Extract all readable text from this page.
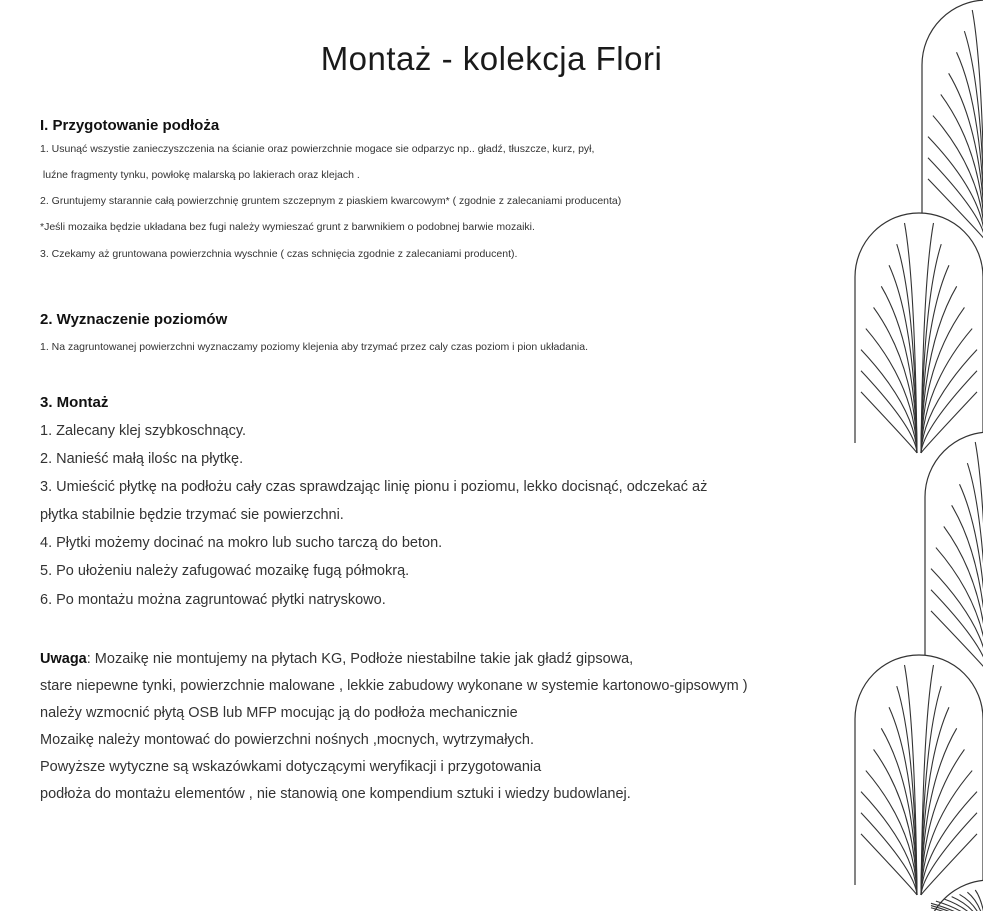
Montaż - kolekcja Flori
I. Przygotowanie podłoża
1. Usunąć wszystie zanieczyszczenia na ścianie oraz powierzchnie mogace sie odparzyc np.. gładź, tłuszcze, kurz, pył,
luźne fragmenty tynku, powłokę malarską po lakierach oraz klejach .
2. Gruntujemy starannie całą powierzchnię gruntem szczepnym z piaskiem kwarcowym* ( zgodnie z zalecaniami producenta)
*Jeśli mozaika będzie układana bez fugi należy wymieszać grunt z barwnikiem o podobnej barwie mozaiki.
3. Czekamy aż gruntowana powierzchnia wyschnie ( czas schnięcia zgodnie z zalecaniami producent).
2. Wyznaczenie poziomów
1. Na zagruntowanej powierzchni wyznaczamy poziomy klejenia aby trzymać przez caly czas poziom i pion układania.
3. Montaż
1. Zalecany klej szybkoschnący.
2. Nanieść małą ilośc na płytkę.
3. Umieścić płytkę na podłożu cały czas sprawdzając linię pionu i poziomu, lekko docisnąć, odczekać aż
płytka stabilnie będzie trzymać sie powierzchni.
4. Płytki możemy docinać na mokro lub sucho tarczą do beton.
5. Po ułożeniu należy zafugować mozaikę fugą półmokrą.
6. Po montażu można zagruntować płytki natryskowo.
Uwaga: Mozaikę nie montujemy na płytach KG, Podłoże niestabilne takie jak gładź gipsowa,
stare niepewne tynki, powierzchnie malowane , lekkie zabudowy wykonane w systemie kartonowo-gipsowym )
należy wzmocnić płytą OSB lub MFP mocując ją do podłoża mechanicznie
Mozaikę należy montować do powierzchni nośnych ,mocnych, wytrzymałych.
Powyższe wytyczne są wskazówkami dotyczącymi weryfikacji i przygotowania
podłoża do montażu elementów , nie stanowią one kompendium sztuki i wiedzy budowlanej.
